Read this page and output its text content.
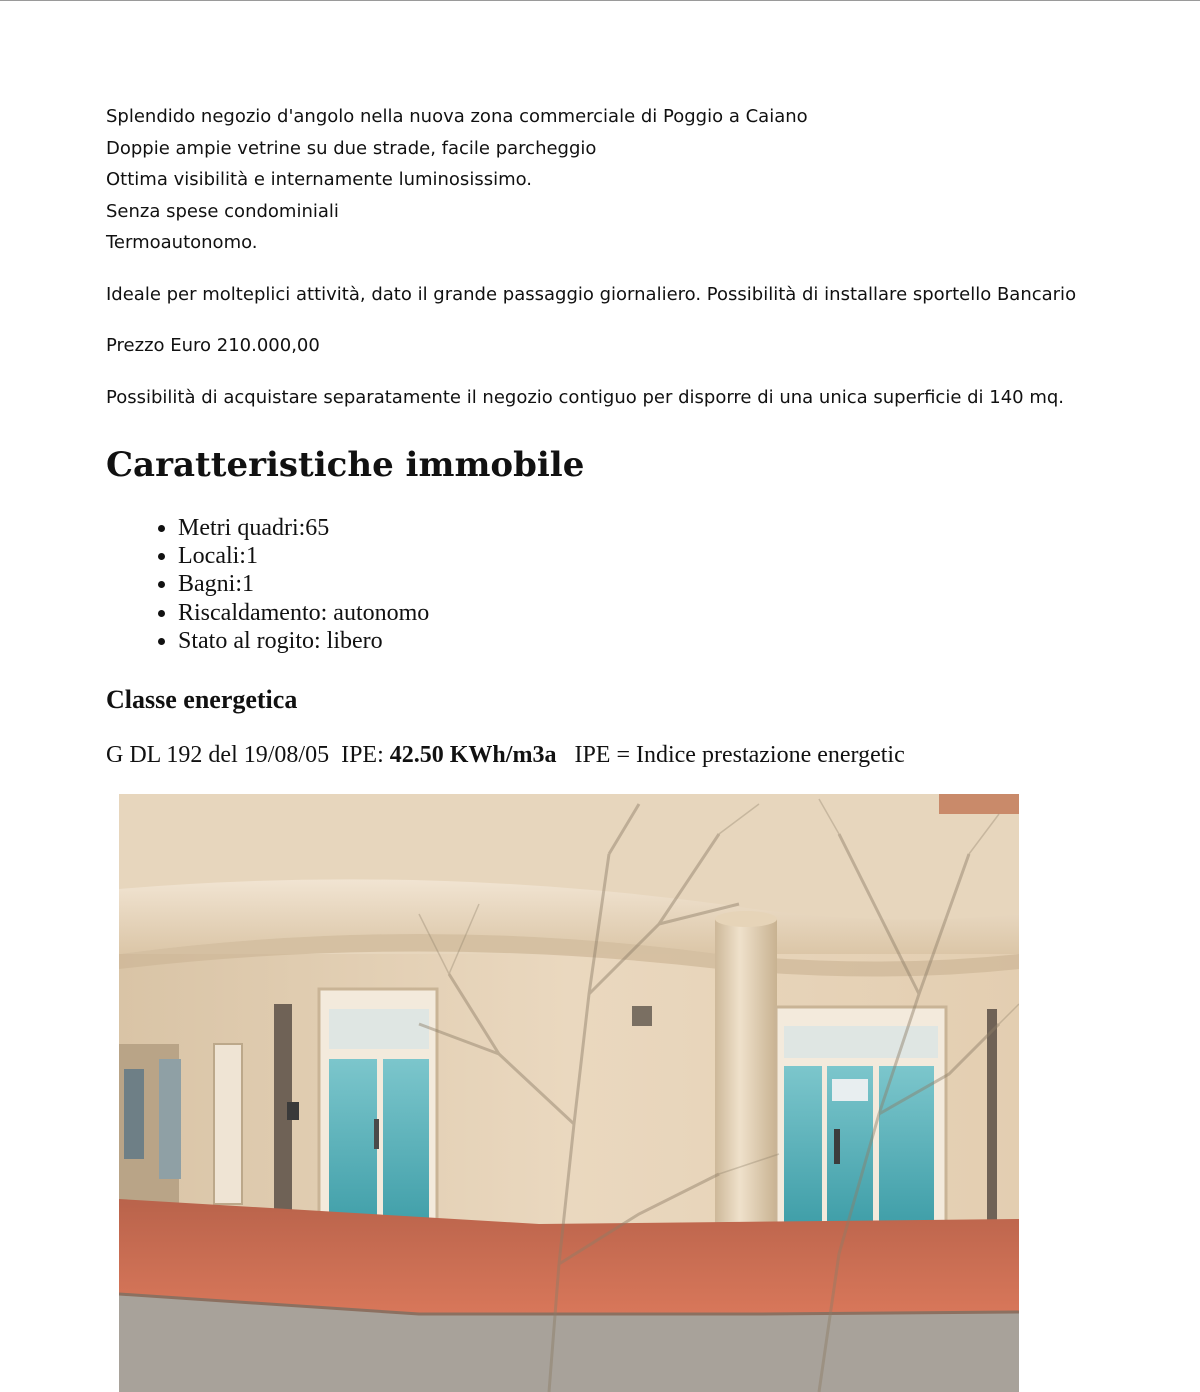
Splendido negozio d'angolo nella nuova zona commerciale di Poggio a Caiano
Doppie ampie vetrine su due strade, facile parcheggio
Ottima visibilità e internamente luminosissimo.
Senza spese condominiali
Termoautonomo.

Ideale per molteplici attività, dato il grande passaggio giornaliero. Possibilità di installare sportello Bancario

Prezzo Euro 210.000,00

Possibilità di acquistare separatamente il negozio contiguo per disporre di una unica superficie di 140 mq.

Caratteristiche immobile
• Metri quadri:65
• Locali:1
• Bagni:1
• Riscaldamento: autonomo
• Stato al rogito: libero
Classe energetica
G DL 192 del 19/08/05  IPE: 42.50 KWh/m3a   IPE = Indice prestazione energetic
